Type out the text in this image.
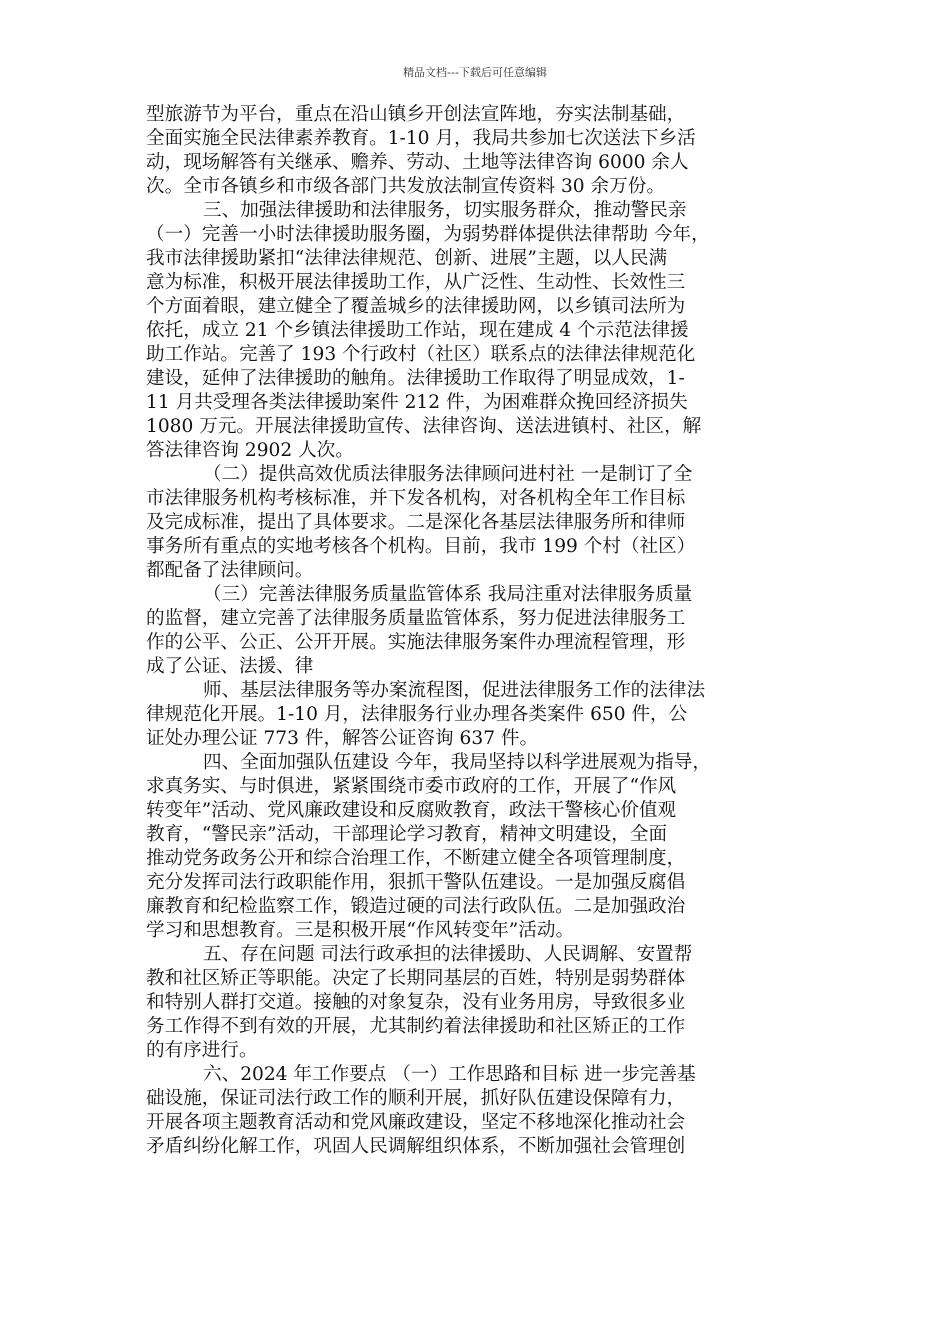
精品文档---下载后可任意编辑
型旅游节为平台，重点在沿山镇乡开创法宣阵地，夯实法制基础，
全面实施全民法律素养教育。1-10 月，我局共参加七次送法下乡活
动，现场解答有关继承、赡养、劳动、土地等法律咨询 6000 余人
次。全市各镇乡和市级各部门共发放法制宣传资料 30 余万份。
三、加强法律援助和法律服务，切实服务群众，推动警民亲
（一）完善一小时法律援助服务圈，为弱势群体提供法律帮助 今年，
我市法律援助紧扣“法律法律规范、创新、进展”主题，以人民满
意为标准，积极开展法律援助工作，从广泛性、生动性、长效性三
个方面着眼，建立健全了覆盖城乡的法律援助网，以乡镇司法所为
依托，成立 21 个乡镇法律援助工作站，现在建成 4 个示范法律援
助工作站。完善了 193 个行政村（社区）联系点的法律法律规范化
建设，延伸了法律援助的触角。法律援助工作取得了明显成效，1-
11 月共受理各类法律援助案件 212 件，为困难群众挽回经济损失
1080 万元。开展法律援助宣传、法律咨询、送法进镇村、社区，解
答法律咨询 2902 人次。
（二）提供高效优质法律服务法律顾问进村社 一是制订了全
市法律服务机构考核标准，并下发各机构，对各机构全年工作目标
及完成标准，提出了具体要求。二是深化各基层法律服务所和律师
事务所有重点的实地考核各个机构。目前，我市 199 个村（社区）
都配备了法律顾问。
（三）完善法律服务质量监管体系 我局注重对法律服务质量
的监督，建立完善了法律服务质量监管体系，努力促进法律服务工
作的公平、公正、公开开展。实施法律服务案件办理流程管理，形
成了公证、法援、律
师、基层法律服务等办案流程图，促进法律服务工作的法律法
律规范化开展。1-10 月，法律服务行业办理各类案件 650 件，公
证处办理公证 773 件，解答公证咨询 637 件。
四、全面加强队伍建设 今年，我局坚持以科学进展观为指导，
求真务实、与时俱进，紧紧围绕市委市政府的工作，开展了“作风
转变年”活动、党风廉政建设和反腐败教育，政法干警核心价值观
教育，“警民亲”活动，干部理论学习教育，精神文明建设，全面
推动党务政务公开和综合治理工作，不断建立健全各项管理制度，
充分发挥司法行政职能作用，狠抓干警队伍建设。一是加强反腐倡
廉教育和纪检监察工作，锻造过硬的司法行政队伍。二是加强政治
学习和思想教育。三是积极开展“作风转变年”活动。
五、存在问题 司法行政承担的法律援助、人民调解、安置帮
教和社区矫正等职能。决定了长期同基层的百姓，特别是弱势群体
和特别人群打交道。接触的对象复杂，没有业务用房，导致很多业
务工作得不到有效的开展，尤其制约着法律援助和社区矫正的工作
的有序进行。
六、2024 年工作要点 （一）工作思路和目标 进一步完善基
础设施，保证司法行政工作的顺利开展，抓好队伍建设保障有力，
开展各项主题教育活动和党风廉政建设，坚定不移地深化推动社会
矛盾纠纷化解工作，巩固人民调解组织体系，不断加强社会管理创
